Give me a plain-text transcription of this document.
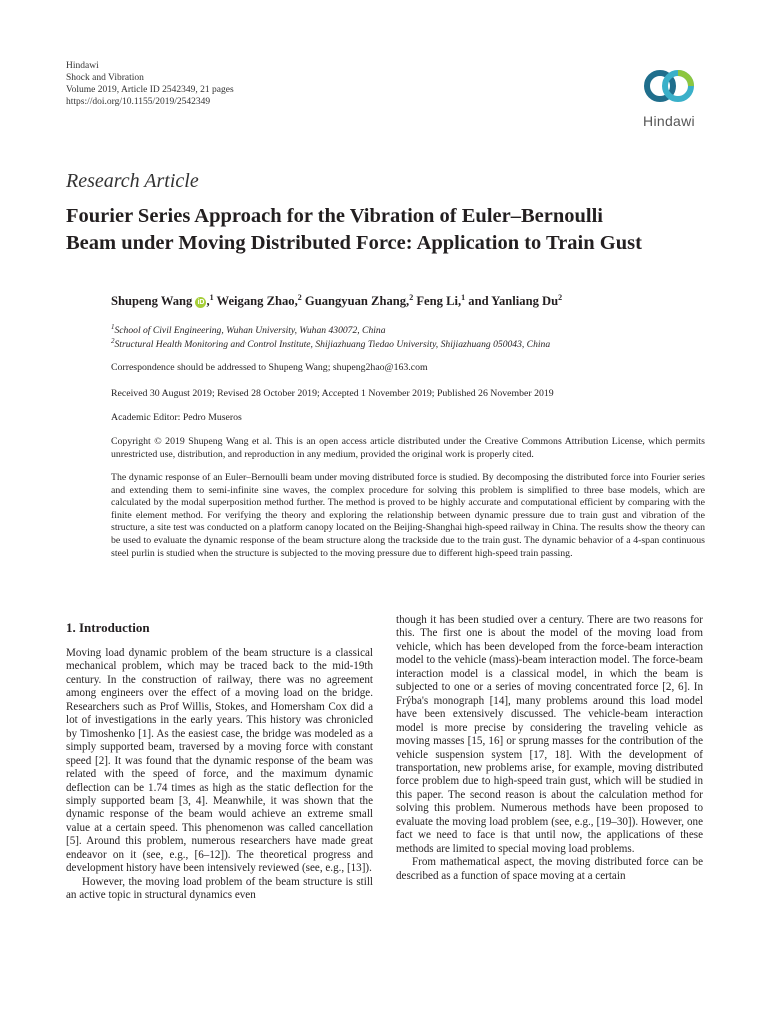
Hindawi
Shock and Vibration
Volume 2019, Article ID 2542349, 21 pages
https://doi.org/10.1155/2019/2542349
Hindawi
Research Article
Fourier Series Approach for the Vibration of Euler–Bernoulli
Beam under Moving Distributed Force: Application to Train Gust
Shupeng Wang iD ,$^1$ Weigang Zhao,$^2$ Guangyuan Zhang,$^2$ Feng Li,$^1$ and Yanliang Du$^2$
$^1$School of Civil Engineering, Wuhan University, Wuhan 430072, China
$^2$Structural Health Monitoring and Control Institute, Shijiazhuang Tiedao University, Shijiazhuang 050043, China
Correspondence should be addressed to Shupeng Wang; shupeng2hao@163.com
Received 30 August 2019; Revised 28 October 2019; Accepted 1 November 2019; Published 26 November 2019
Academic Editor: Pedro Museros
Copyright © 2019 Shupeng Wang et al. This is an open access article distributed under the Creative Commons Attribution License, which permits unrestricted use, distribution, and reproduction in any medium, provided the original work is properly cited.
The dynamic response of an Euler–Bernoulli beam under moving distributed force is studied. By decomposing the distributed force into Fourier series and extending them to semi-infinite sine waves, the complex procedure for solving this problem is simplified to three base models, which are calculated by the modal superposition method further. The method is proved to be highly accurate and computational efficient by comparing with the finite element method. For verifying the theory and exploring the relationship between dynamic pressure due to train gust and vibration of the structure, a site test was conducted on a platform canopy located on the Beijing-Shanghai high-speed railway in China. The results show the theory can be used to evaluate the dynamic response of the beam structure along the trackside due to the train gust. The dynamic behavior of a 4-span continuous steel purlin is studied when the structure is subjected to the moving pressure due to different high-speed train passing.
1. Introduction

Moving load dynamic problem of the beam structure is a classical mechanical problem, which may be traced back to the mid-19th century. In the construction of railway, there was no agreement among engineers over the effect of a moving load on the bridge. Researchers such as Prof Willis, Stokes, and Homersham Cox did a lot of investigations in the early years. This history was chronicled by Timoshenko [1]. As the easiest case, the bridge was modeled as a simply supported beam, traversed by a moving force with constant speed [2]. It was found that the dynamic response of the beam was related with the speed of force, and the maximum dynamic deflection can be 1.74 times as high as the static deflection for the simply supported beam [3, 4]. Meanwhile, it was shown that the dynamic response of the beam would achieve an extreme small value at a certain speed. This phenomenon was called cancellation [5]. Around this problem, numerous researchers have made great endeavor on it (see, e.g., [6–12]). The theoretical progress and development history have been intensively reviewed (see, e.g., [13]).

However, the moving load problem of the beam structure is still an active topic in structural dynamics even

though it has been studied over a century. There are two reasons for this. The first one is about the model of the moving load from vehicle, which has been developed from the force-beam interaction model to the vehicle (mass)-beam interaction model. The force-beam interaction model is a classical model, in which the beam is subjected to one or a series of moving concentrated force [2, 6]. In Frýba's monograph [14], many problems around this load model have been extensively discussed. The vehicle-beam interaction model is more precise by considering the traveling vehicle as moving masses [15, 16] or sprung masses for the contribution of the vehicle suspension system [17, 18]. With the development of transportation, new problems arise, for example, moving distributed force problem due to high-speed train gust, which will be studied in this paper. The second reason is about the calculation method for solving this problem. Numerous methods have been proposed to evaluate the moving load problem (see, e.g., [19–30]). However, one fact we need to face is that until now, the applications of these methods are limited to special moving load problems.

From mathematical aspect, the moving distributed force can be described as a function of space moving at a certain
